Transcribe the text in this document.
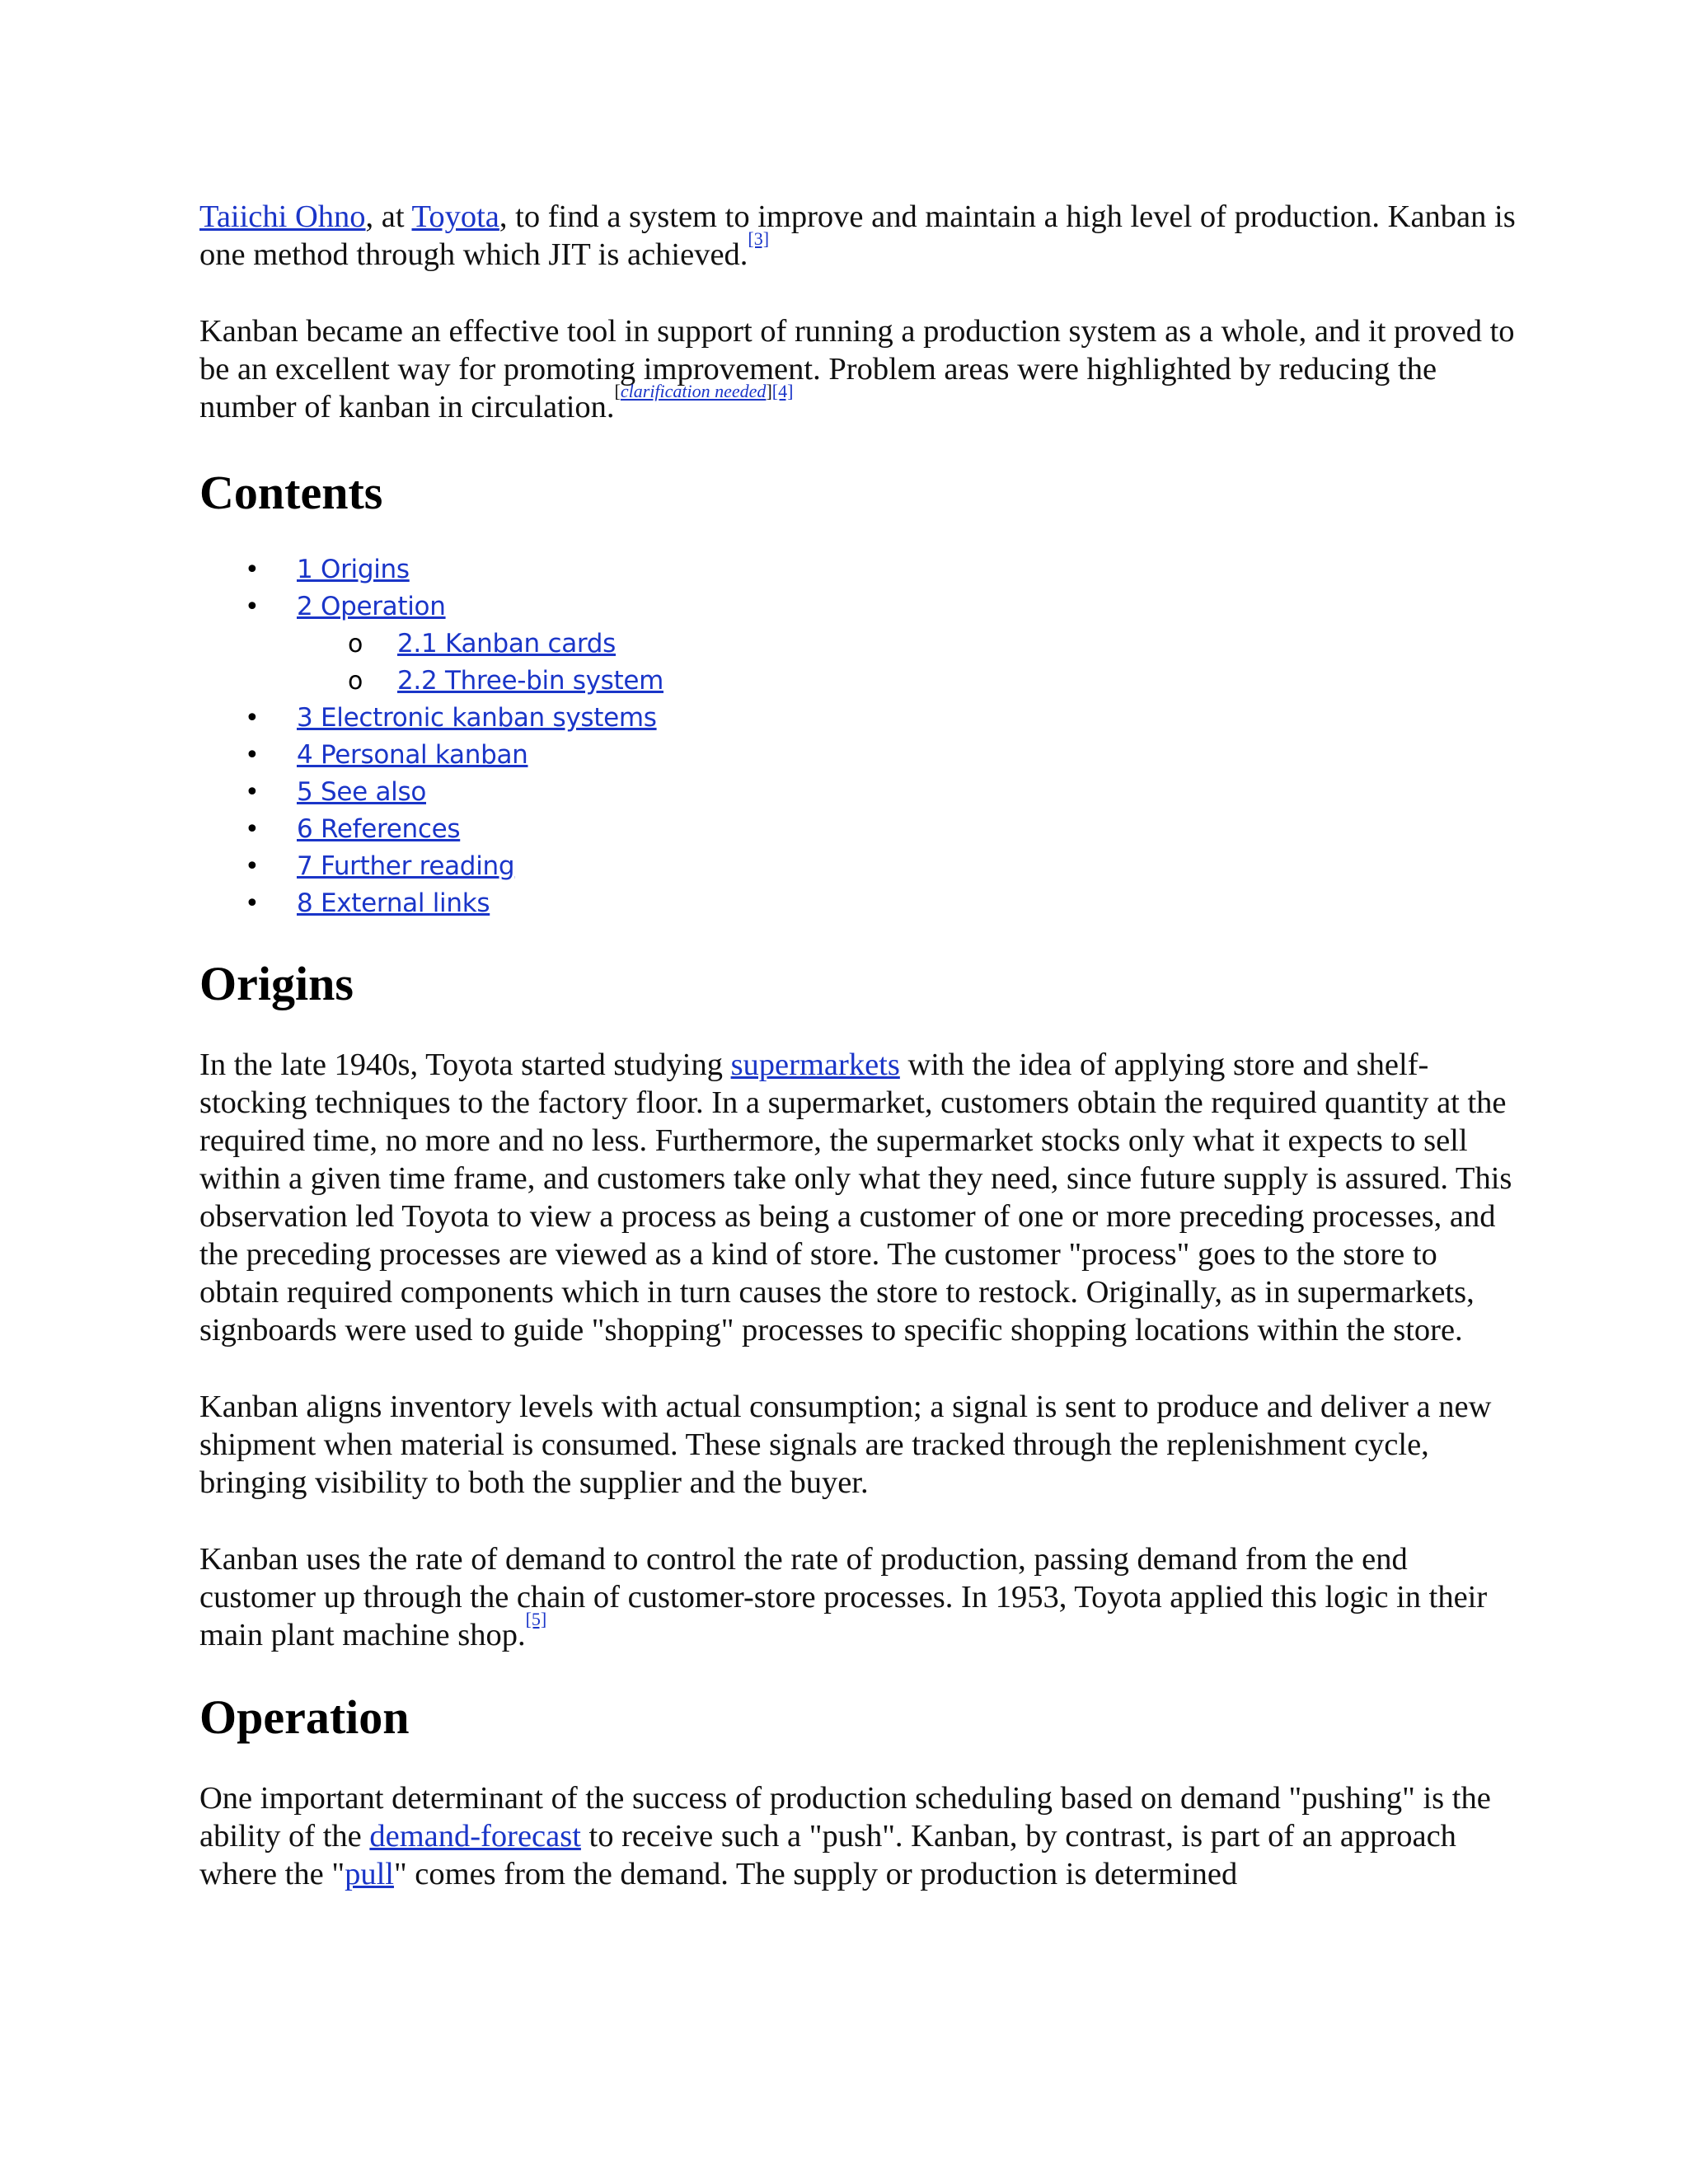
Taiichi Ohno, at Toyota, to find a system to improve and maintain a high level of production. Kanban is one method through which JIT is achieved.[3]

Kanban became an effective tool in support of running a production system as a whole, and it proved to be an excellent way for promoting improvement. Problem areas were highlighted by reducing the number of kanban in circulation.[clarification needed][4]

Contents
• 1 Origins
• 2 Operation
o 2.1 Kanban cards
o 2.2 Three-bin system
• 3 Electronic kanban systems
• 4 Personal kanban
• 5 See also
• 6 References
• 7 Further reading
• 8 External links
Origins

In the late 1940s, Toyota started studying supermarkets with the idea of applying store and shelf-stocking techniques to the factory floor. In a supermarket, customers obtain the required quantity at the required time, no more and no less. Furthermore, the supermarket stocks only what it expects to sell within a given time frame, and customers take only what they need, since future supply is assured. This observation led Toyota to view a process as being a customer of one or more preceding processes, and the preceding processes are viewed as a kind of store. The customer "process" goes to the store to obtain required components which in turn causes the store to restock. Originally, as in supermarkets, signboards were used to guide "shopping" processes to specific shopping locations within the store.

Kanban aligns inventory levels with actual consumption; a signal is sent to produce and deliver a new shipment when material is consumed. These signals are tracked through the replenishment cycle, bringing visibility to both the supplier and the buyer.

Kanban uses the rate of demand to control the rate of production, passing demand from the end customer up through the chain of customer-store processes. In 1953, Toyota applied this logic in their main plant machine shop.[5]

Operation

One important determinant of the success of production scheduling based on demand "pushing" is the ability of the demand-forecast to receive such a "push". Kanban, by contrast, is part of an approach where the "pull" comes from the demand. The supply or production is determined
